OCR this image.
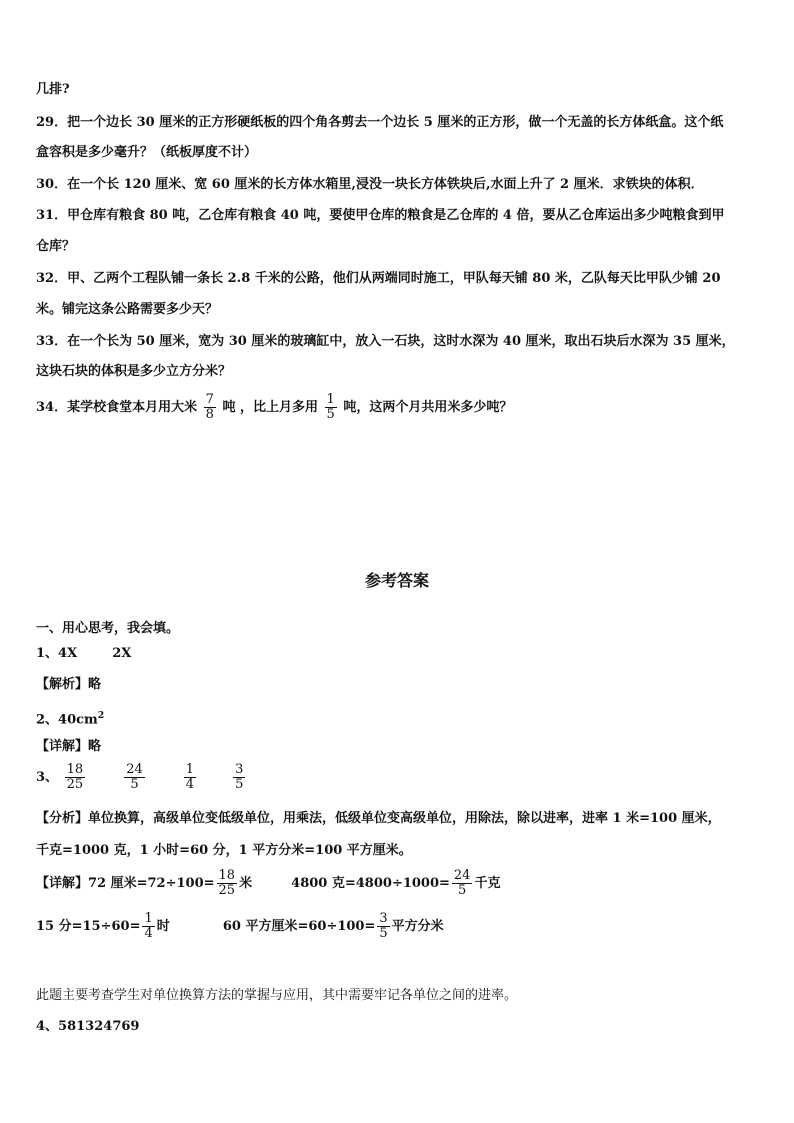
几排?
29．把一个边长 30 厘米的正方形硬纸板的四个角各剪去一个边长 5 厘米的正方形，做一个无盖的长方体纸盒。这个纸
盒容积是多少毫升？（纸板厚度不计）
30．在一个长 120 厘米、宽 60 厘米的长方体水箱里,浸没一块长方体铁块后,水面上升了 2 厘米．求铁块的体积．
31．甲仓库有粮食 80 吨，乙仓库有粮食 40 吨，要使甲仓库的粮食是乙仓库的 4 倍，要从乙仓库运出多少吨粮食到甲
仓库？
32．甲、乙两个工程队铺一条长 2.8 千米的公路，他们从两端同时施工，甲队每天铺 80 米，乙队每天比甲队少铺 20
米。铺完这条公路需要多少天？
33．在一个长为 50 厘米，宽为 30 厘米的玻璃缸中，放入一石块，这时水深为 40 厘米，取出石块后水深为 35 厘米，
这块石块的体积是多少立方分米？
34．某学校食堂本月用大米 $\frac{7}{8}$ 吨 ，比上月多用 $\frac{1}{5}$ 吨，这两个月共用米多少吨？
参考答案
一、用心思考，我会填。
1、4X	2X
【解析】略
2、$40cm^2$
【详解】略
3、 $\frac{18}{25}$
	$\frac{24}{5}$
	$\frac{1}{4}$
	$\frac{3}{5}$
【分析】单位换算，高级单位变低级单位，用乘法，低级单位变高级单位，用除法，除以进率，进率 1 米=100 厘米，
千克=1000 克，1 小时=60 分，1 平方分米=100 平方厘米。
【详解】72 厘米$=72\div 100= \frac{18}{25}$ 米	4800 克$=4800\div 1000= \frac{24}{5}$ 千克
15 分$=15\div 60= \frac{1}{4}$ 时	60 平方厘米$=60\div 100= \frac{3}{5}$ 平方分米
此题主要考查学生对单位换算方法的掌握与应用，其中需要牢记各单位之间的进率。
4、581324769
